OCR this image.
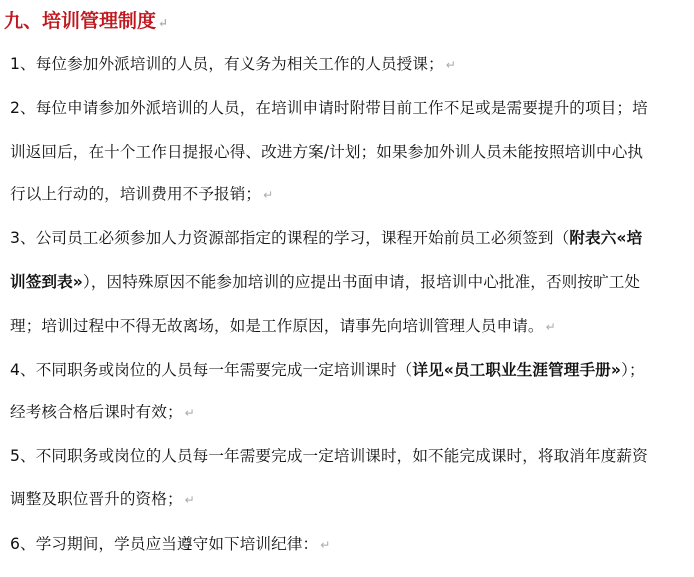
九、培训管理制度 ↵
1、每位参加外派培训的人员，有义务为相关工作的人员授课； ↵
2、每位申请参加外派培训的人员，在培训申请时附带目前工作不足或是需要提升的项目；培
训返回后，在十个工作日提报心得、改进方案/计划；如果参加外训人员未能按照培训中心执
行以上行动的，培训费用不予报销； ↵
3、公司员工必须参加人力资源部指定的课程的学习，课程开始前员工必须签到（附表六«培
训签到表»），因特殊原因不能参加培训的应提出书面申请，报培训中心批准，否则按旷工处
理；培训过程中不得无故离场，如是工作原因，请事先向培训管理人员申请。 ↵
4、不同职务或岗位的人员每一年需要完成一定培训课时（详见«员工职业生涯管理手册»）；
经考核合格后课时有效； ↵
5、不同职务或岗位的人员每一年需要完成一定培训课时，如不能完成课时，将取消年度薪资
调整及职位晋升的资格； ↵
6、学习期间，学员应当遵守如下培训纪律： ↵
